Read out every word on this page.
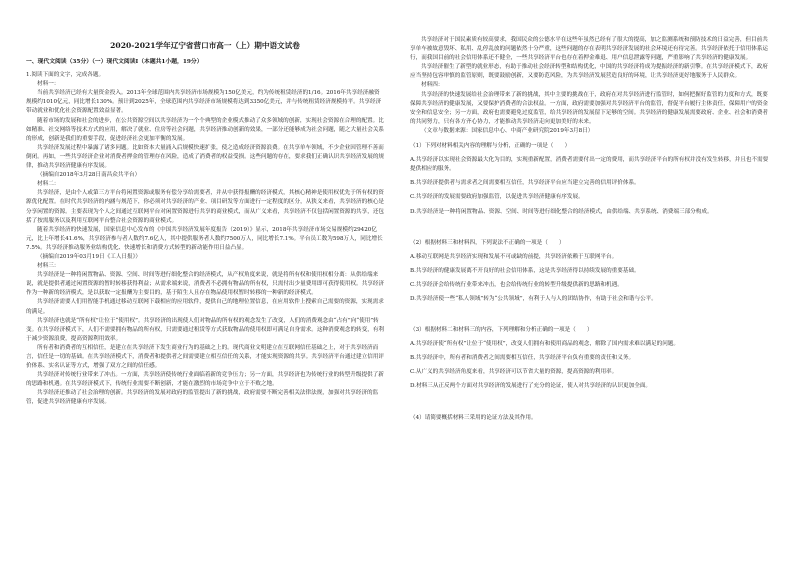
2020-2021学年辽宁省营口市高一（上）期中语文试卷

一、现代文阅读（35分）（一）现代文阅读Ⅰ（本题共1小题，19分）

1.阅读下面的文字，完成各题。

材料一：

当前共享经济已经有大量资金投入。2013年全球范围内共享经济市场规模为150亿美元，约为传统租赁经济的1/16。2016年共享经济融资规模约1010亿元，同比增长130%。预计到2025年，全球范围内共享经济市场规模将达到3350亿美元，并与传统租赁经济规模持平。共享经济带动就业和优化社会资源配置效益显著。

随着市场的发展和社会的进步，在公共资源空间以共享经济为一个个典型的企业模式推动了众多领域的创新，实现社会资源在合理的配置。比如精准、社交网络等技术方式的应用，解决了就业、住房等社会问题，共享经济推动创新的效果，一部分还能够成为社会问题，随之大量社会关系的形成，创新是我们的重要手段，促进经济社会更加平衡的发展。

共享经济发展过程中暴露了诸多问题。比如资本大量涌入后规模快速扩张，使之造成经济资源浪费。在共享单车领域，不少企业因管理不善而倒闭。再如，一些共享经济企业对消费者押金的管理存在风险，造成了消费者的权益受损。这些问题的存在，要求我们正确认识共享经济发展的规律，推动共享经济健康有序发展。

（摘编自2018年3月28日南昌众共平台）

材料二：

共享经济，是由个人或第三方平台将闲置资源或服务有偿分享给需要者，并从中获得报酬的经济模式，其核心精神是使用权优先于所有权的资源优化配置。在时代共享经济的内涵与规范下，你必须对共享经济的产业、项目研发等方面进行一定程度的区分，从狭义来看，共享经济的核心是分享闲置的资源。主要表现为个人之间通过互联网平台对闲置资源进行共享的商业模式，而从广义来看，共享经济不仅包括闲置资源的共享，还包括了按需服务以及利用互联网平台整合社会资源的商业模式。

随着共享经济的快速发展，国家信息中心发布的《中国共享经济发展年度报告（2019）》显示，2018年共享经济市场交易规模约29420亿元，比上年增长41.6%，共享经济参与者人数约7.6亿人，其中提供服务者人数约7500万人，同比增长7.1%。平台员工数为598万人，同比增长7.5%。共享经济推动服务业结构优化、快速增长和消费方式转型的新动能作用日益凸显。

（摘编自2019年03月19日《工人日报》）

材料三：

共享经济是一种将闲置物品、资源、空间、时间等进行细化整合的经济模式，从产权角度来说，就是将所有权和使用权相分离：从供给端来说，就是提供者通过闲置资源的暂时转移获得利益；从需求端来说，消费者不必拥有物品的所有权，只需付出少量费用即可获得使用权。共享经济作为一种新的经济模式，是以获取一定报酬为主要目的，基于陌生人且存在物品使用权暂时转移的一种新的经济模式。

共享经济需要人们用智能手机通过移动互联网下载相应的应用软件，提供自己的地理位置信息，在应用软件上搜索自己需要的资源，实现需求的满足。

共享经济也就是“所有权”让位于“使用权”。共享经济的出现使人们对物品的所有权的观念发生了改变，人们的消费观念由“占有”向“使用”转变。在共享经济模式下，人们不需要拥有物品的所有权，只需要通过租赁等方式获取物品的使用权即可满足自身需求。这种消费观念的转变，有利于减少资源浪费，提高资源利用效率。

所有者和消费者的互相信任，是建立在共享经济下发生商业行为的基础之上的。现代商业文明建立在互联网信任基础之上，对于共享经济而言，信任是一切的基础。在共享经济模式下，消费者和提供者之间需要建立相互信任的关系，才能实现资源的共享。共享经济平台通过建立信用评价体系、实名认证等方式，增强了双方之间的信任感。

共享经济对传统行业带来了冲击。一方面，共享经济使传统行业面临着新的竞争压力；另一方面，共享经济也为传统行业的转型升级提供了新的思路和机遇。在共享经济模式下，传统行业需要不断创新，才能在激烈的市场竞争中立于不败之地。

共享经济还推动了社会治理的创新。共享经济的发展对政府的监管提出了新的挑战，政府需要不断完善相关法律法规，加强对共享经济的监管，促进共享经济健康有序发展。

共享经济对于国民素质有较高要求，我国民众的公德水平在这些年虽然已经有了很大的提高，加之监测系统和预防技术的日益完善，但目前共享单车被故意毁坏、私用、乱停乱放的问题依然十分严重，这些问题的存在表明共享经济发展的社会环境还有待完善。共享经济依托于信用体系运行，而我国目前的社会信用体系还不健全，一些共享经济平台也存在着押金难退、用户信息泄露等问题，严重影响了共享经济的健康发展。

共享经济催生了新型的就业形态，有助于推动社会经济转型和结构优化，中国的共享经济将成为提振经济的新引擎。在共享经济模式下，政府应当坚持包容审慎的监管原则，既要鼓励创新，又要防范风险，为共享经济发展营造良好的环境，让共享经济更好地服务于人民群众。

材料四：

共享经济的快速发展给社会治理带来了新的挑战，其中主要的挑战在于，政府在对共享经济进行监管时，如何把握好监管的力度和方式，既要保障共享经济的健康发展，又要保护消费者的合法权益。一方面，政府需要加强对共享经济平台的监管，督促平台履行主体责任，保障用户的资金安全和信息安全；另一方面，政府也需要避免过度监管，给共享经济的发展留下足够的空间。共享经济的健康发展需要政府、企业、社会和消费者的共同努力，只有各方齐心协力，才能推动共享经济走向更加美好的未来。

（文章与数据来源：国家信息中心、中商产业研究院2019年3月8日）

（1）下列对材料相关内容的理解与分析，正确的一项是（　　）

A.共享经济以实现社会资源最大化为目的，实现重新配置，消费者需要付出一定的费用，而共享经济平台的所有权并没有发生转移，并且也不需要提供相应的服务。

B.共享经济提供者与需求者之间需要相互信任，共享经济平台应当建立完善的信用评价体系。

C.共享经济的发展需要政府加强监管，以促进共享经济健康有序发展。

D.共享经济是一种将闲置物品、资源、空间、时间等进行细化整合的经济模式，由供给端、共享系统、消费端三部分构成。

（2）根据材料三和材料四，下列说法不正确的一项是（　　）

A.移动互联网是共享经济实现和发展不可或缺的前提，共享经济依赖于互联网平台。

B.共享经济的健康发展离不开良好的社会信用体系，这是共享经济得以持续发展的重要基础。

C.共享经济会给传统行业带来冲击，也会给传统行业的转型升级提供新的思路和机遇。

D.共享经济使一些“私人领域”转为“公共领域”，有利于人与人的团结协作，有助于社会和谐与公平。

（3）根据材料二和材料三的内容，下列理解和分析正确的一项是（　　）

A.共享经济使“所有权”让位于“使用权”，改变人们拥有和使用商品的观念，解除了国内需求难以满足的问题。

B.共享经济中，所有者和消费者之间需要相互信任，共享经济平台负有重要的责任和义务。

C.从广义的共享经济角度来看，共享经济可以节省大量的资源，提高资源的利用率。

D.材料三从正反两个方面对共享经济的发展进行了充分的论证，使人对共享经济的认识更加全面。

（4）请简要概括材料三采用的论证方法及其作用。
